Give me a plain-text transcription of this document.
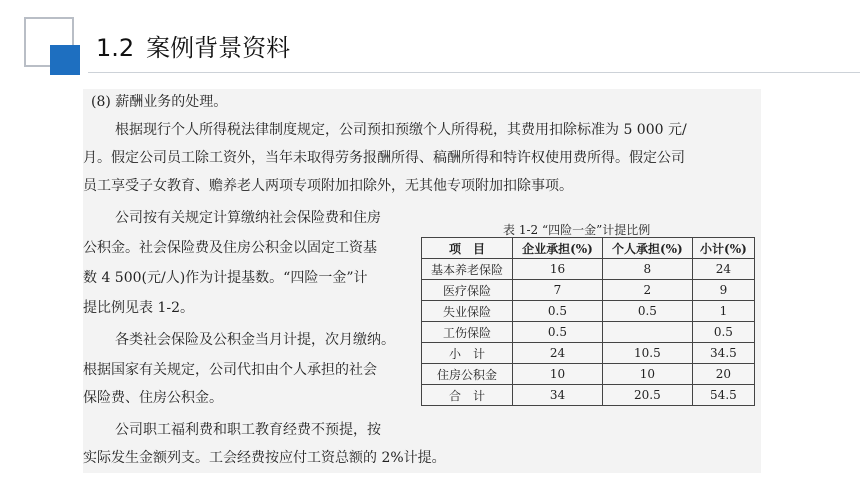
1.2 案例背景资料
(8) 薪酬业务的处理。
根据现行个人所得税法律制度规定，公司预扣预缴个人所得税，其费用扣除标准为 5 000 元/
月。假定公司员工除工资外，当年未取得劳务报酬所得、稿酬所得和特许权使用费所得。假定公司
员工享受子女教育、赡养老人两项专项附加扣除外，无其他专项附加扣除事项。
公司按有关规定计算缴纳社会保险费和住房
公积金。社会保险费及住房公积金以固定工资基
数 4 500(元/人)作为计提基数。“四险一金”计
提比例见表 1-2。
各类社会保险及公积金当月计提，次月缴纳。
根据国家有关规定，公司代扣由个人承担的社会
保险费、住房公积金。
公司职工福利费和职工教育经费不预提，按
实际发生金额列支。工会经费按应付工资总额的 2%计提。
表 1-2 “四险一金”计提比例
项　目	企业承担(%)	个人承担(%)	小计(%)
基本养老保险	16	8	24
医疗保险	7	2	9
失业保险	0.5	0.5	1
工伤保险	0.5		0.5
小　计	24	10.5	34.5
住房公积金	10	10	20
合　计	34	20.5	54.5
